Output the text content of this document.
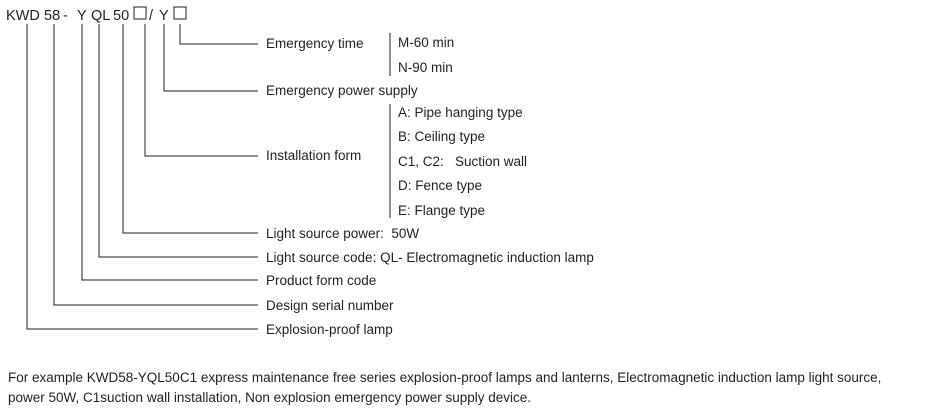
KWD 58 - Y QL 50 / Y
Emergency time	M-60 min
N-90 min
Emergency power supply
Installation form
A: Pipe hanging type
B: Ceiling type
C1, C2:   Suction wall
D: Fence type
E: Flange type
Light source power:  50W
Light source code: QL- Electromagnetic induction lamp
Product form code
Design serial number
Explosion-proof lamp

For example KWD58-YQL50C1 express maintenance free series explosion-proof lamps and lanterns, Electromagnetic induction lamp light source, power 50W, C1suction wall installation, Non explosion emergency power supply device.
